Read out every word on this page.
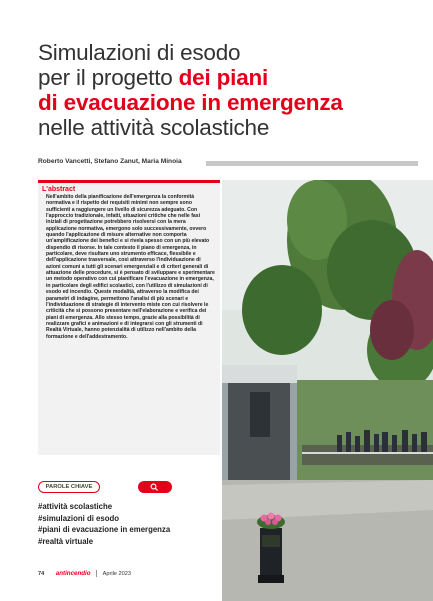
Simulazioni di esodo
per il progetto dei piani
di evacuazione in emergenza
nelle attività scolastiche
Roberto Vancetti, Stefano Zanut, Maria Minoia
L'abstract

Nell'ambito della pianificazione dell'emergenza la conformità normativa e il rispetto dei requisiti minimi non sempre sono sufficienti a raggiungere un livello di sicurezza adeguato. Con l'approccio tradizionale, infatti, situazioni critiche che nelle fasi iniziali di progettazione potrebbero risolversi con la mera applicazione normativa, emergono solo successivamente, ovvero quando l'applicazione di misure alternative non comporta un'amplificazione dei benefici e si rivela spesso con un più elevato dispendio di risorse. In tale contesto il piano di emergenza, in particolare, deve risultare uno strumento efficace, flessibile e dell'applicazione trasversale, così attraverso l'individuazione di azioni comuni a tutti gli scenari emergenziali e di criteri generali di attuazione delle procedure, si è pensato di sviluppare e sperimentare un metodo operativo con cui pianificare l'evacuazione in emergenza, in particolare degli edifici scolastici, con l'utilizzo di simulazioni di esodo ed incendio. Queste modalità, attraverso la modifica dei parametri di indagine, permettono l'analisi di più scenari e l'individuazione di strategie di intervento miste con cui risolvere le criticità che si possono presentare nell'elaborazione e verifica dei piani di emergenza. Allo stesso tempo, grazie alla possibilità di realizzare grafici e animazioni e di integrarsi con gli strumenti di Realtà Virtuale, hanno potenzialità di utilizzo nell'ambito della formazione e dell'addestramento.

PAROLE CHIAVE
#attività scolastiche
#simulazioni di esodo
#piani di evacuazione in emergenza
#realtà virtuale
74 antincendio Aprile 2023
